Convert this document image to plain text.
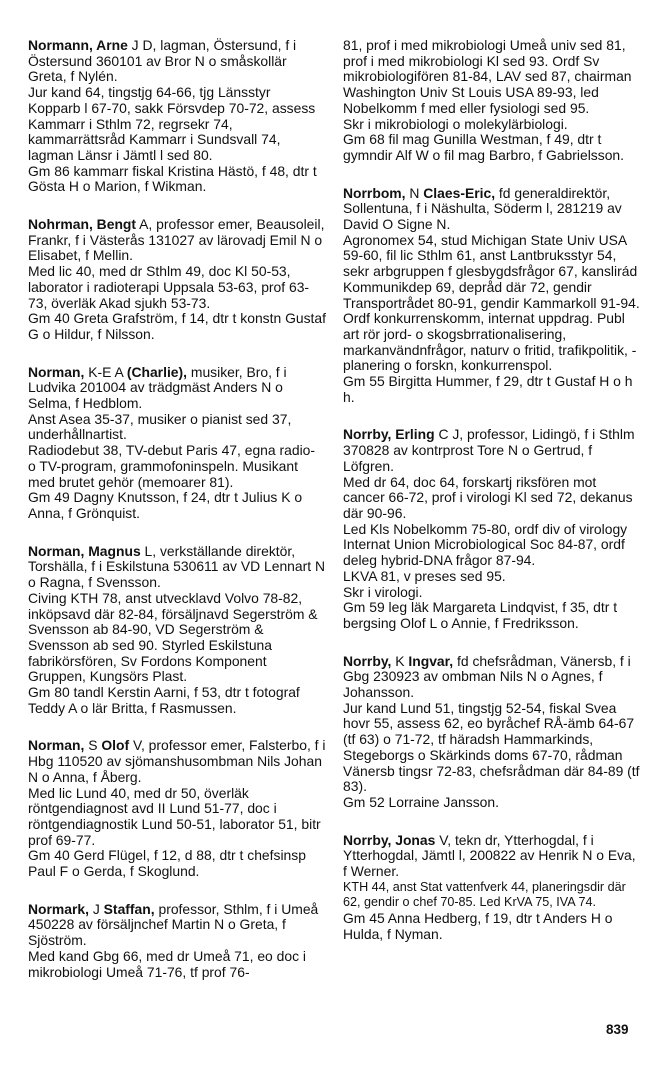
Normann, Arne J D, lagman, Östersund, f i Östersund 360101 av Bror N o småskollär Greta, f Nylén.

Jur kand 64, tingstjg 64-66, tjg Länsstyr Kopparb l 67-70, sakk Försvdep 70-72, assess Kammarr i Sthlm 72, regrsekr 74, kammarrättsråd Kammarr i Sundsvall 74, lagman Länsr i Jämtl l sed 80.

Gm 86 kammarr fiskal Kristina Hästö, f 48, dtr t Gösta H o Marion, f Wikman.

Nohrman, Bengt A, professor emer, Beausoleil, Frankr, f i Västerås 131027 av lärovadj Emil N o Elisabet, f Mellin.

Med lic 40, med dr Sthlm 49, doc Kl 50-53, laborator i radioterapi Uppsala 53-63, prof 63-73, överläk Akad sjukh 53-73.

Gm 40 Greta Grafström, f 14, dtr t konstn Gustaf G o Hildur, f Nilsson.

Norman, K-E A (Charlie), musiker, Bro, f i Ludvika 201004 av trädgmäst Anders N o Selma, f Hedblom.

Anst Asea 35-37, musiker o pianist sed 37, underhållnartist.

Radiodebut 38, TV-debut Paris 47, egna radio- o TV-program, grammofoninspeln. Musikant med brutet gehör (memoarer 81).

Gm 49 Dagny Knutsson, f 24, dtr t Julius K o Anna, f Grönquist.

Norman, Magnus L, verkställande direktör, Torshälla, f i Eskilstuna 530611 av VD Lennart N o Ragna, f Svensson.

Civing KTH 78, anst utvecklavd Volvo 78-82, inköpsavd där 82-84, försäljnavd Segerström & Svensson ab 84-90, VD Segerström & Svensson ab sed 90. Styrled Eskilstuna fabrikörsfören, Sv Fordons Komponent Gruppen, Kungsörs Plast.

Gm 80 tandl Kerstin Aarni, f 53, dtr t fotograf Teddy A o lär Britta, f Rasmussen.

Norman, S Olof V, professor emer, Falsterbo, f i Hbg 110520 av sjömanshusombman Nils Johan N o Anna, f Åberg.

Med lic Lund 40, med dr 50, överläk röntgendiagnost avd II Lund 51-77, doc i röntgendiagnostik Lund 50-51, laborator 51, bitr prof 69-77.

Gm 40 Gerd Flügel, f 12, d 88, dtr t chefsinsp Paul F o Gerda, f Skoglund.

Normark, J Staffan, professor, Sthlm, f i Umeå 450228 av försäljnchef Martin N o Greta, f Sjöström.

Med kand Gbg 66, med dr Umeå 71, eo doc i mikrobiologi Umeå 71-76, tf prof 76-

81, prof i med mikrobiologi Umeå univ sed 81, prof i med mikrobiologi Kl sed 93. Ordf Sv mikrobiologifören 81-84, LAV sed 87, chairman Washington Univ St Louis USA 89-93, led Nobelkomm f med eller fysiologi sed 95.

Skr i mikrobiologi o molekylärbiologi.

Gm 68 fil mag Gunilla Westman, f 49, dtr t gymndir Alf W o fil mag Barbro, f Gabrielsson.

Norrbom, N Claes-Eric, fd generaldirektör, Sollentuna, f i Näshulta, Söderm l, 281219 av David O Signe N.

Agronomex 54, stud Michigan State Univ USA 59-60, fil lic Sthlm 61, anst Lantbruksstyr 54, sekr arbgruppen f glesbygdsfrågor 67, kanslirád Kommunikdep 69, depråd där 72, gendir Transportrådet 80-91, gendir Kammarkoll 91-94.

Ordf konkurrenskomm, internat uppdrag. Publ art rör jord- o skogsbrrationalisering, markanvändnfrågor, naturv o fritid, trafikpolitik, -planering o forskn, konkurrenspol.

Gm 55 Birgitta Hummer, f 29, dtr t Gustaf H o h h.

Norrby, Erling C J, professor, Lidingö, f i Sthlm 370828 av kontrprost Tore N o Gertrud, f Löfgren.

Med dr 64, doc 64, forskartj riksfören mot cancer 66-72, prof i virologi Kl sed 72, dekanus där 90-96.

Led Kls Nobelkomm 75-80, ordf div of virology Internat Union Microbiological Soc 84-87, ordf deleg hybrid-DNA frågor 87-94.

LKVA 81, v preses sed 95.

Skr i virologi.

Gm 59 leg läk Margareta Lindqvist, f 35, dtr t bergsing Olof L o Annie, f Fredriksson.

Norrby, K Ingvar, fd chefsrådman, Vänersb, f i Gbg 230923 av ombman Nils N o Agnes, f Johansson.

Jur kand Lund 51, tingstjg 52-54, fiskal Svea hovr 55, assess 62, eo byråchef RÅ-ämb 64-67 (tf 63) o 71-72, tf häradsh Hammarkinds, Stegeborgs o Skärkinds doms 67-70, rådman Vänersb tingsr 72-83, chefsrådman där 84-89 (tf 83).

Gm 52 Lorraine Jansson.

Norrby, Jonas V, tekn dr, Ytterhogdal, f i Ytterhogdal, Jämtl l, 200822 av Henrik N o Eva, f Werner.

KTH 44, anst Stat vattenfverk 44, planeringsdir där 62, gendir o chef 70-85. Led KrVA 75, IVA 74.

Gm 45 Anna Hedberg, f 19, dtr t Anders H o Hulda, f Nyman.

839
